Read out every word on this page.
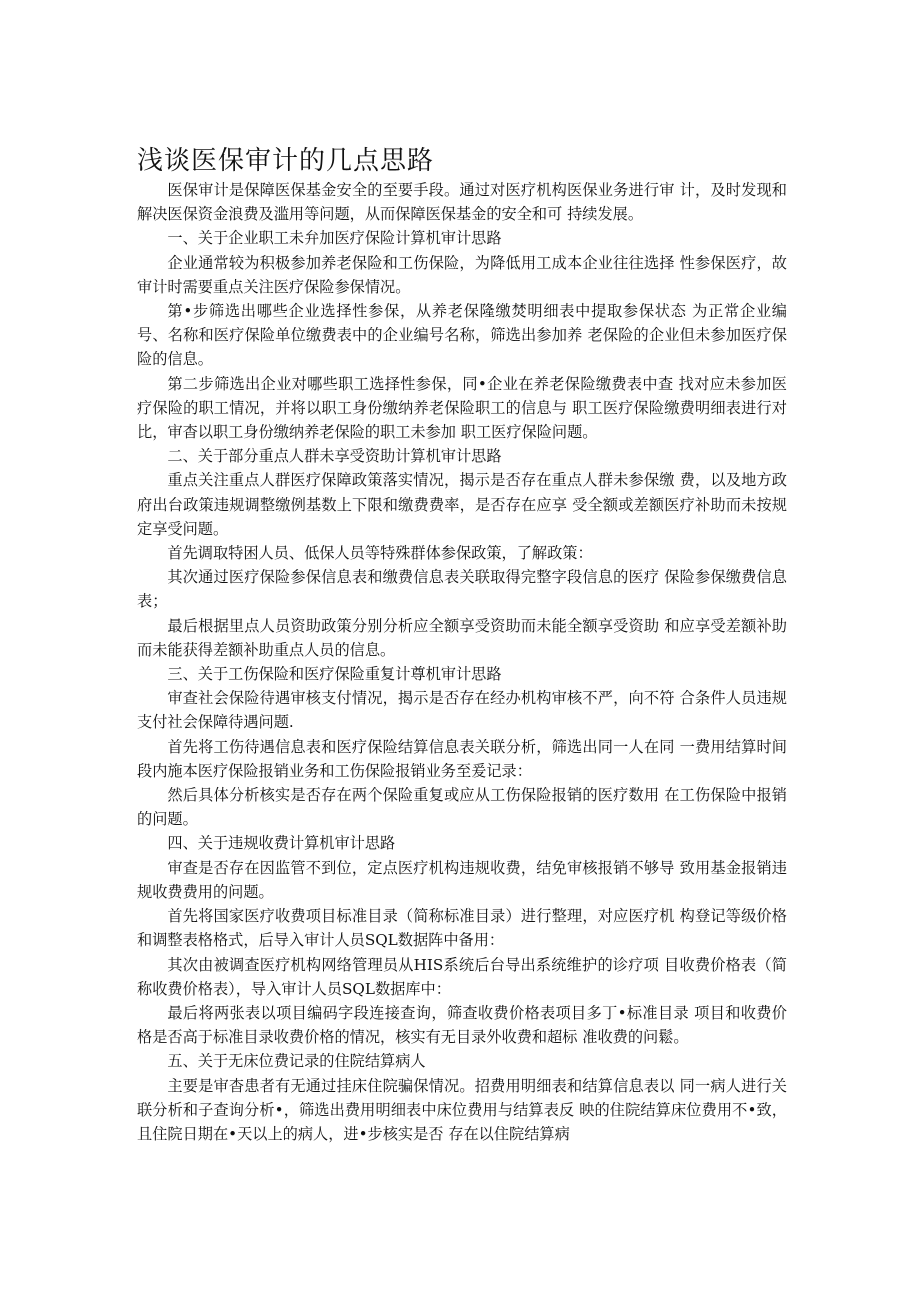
浅谈医保审计的几点思路

医保审计是保障医保基金安全的至要手段。通过对医疗机构医保业务进行审 计，及时发现和解决医保资金浪费及滥用等问题，从而保障医保基金的安全和可 持续发展。

一、关于企业职工未弁加医疗保险计算机审计思路

企业通常较为积极参加养老保险和工伤保险，为降低用工成本企业往往选择 性参保医疗，故审计时需要重点关注医疗保险参保情况。

第•步筛选出哪些企业选择性参保，从养老保隆缴焚明细表中提取参保状态 为正常企业编号、名称和医疗保险单位缴费表中的企业编号名称，筛选出参加养 老保险的企业但未参加医疗保险的信息。

第二步筛选出企业对哪些职工选择性参保，同•企业在养老保险缴费表中查 找对应未参加医疗保险的职工情况，并将以职工身份缴纳养老保险职工的信息与 职工医疗保险缴费明细表进行对比，审杳以职工身份缴纳养老保险的职工未参加 职工医疗保险问题。

二、关于部分重点人群未享受资助计算机审计思路

重点关注重点人群医疗保障政策落实情况，揭示是否存在重点人群未参保缴 费，以及地方政府出台政策违规调整缴例基数上下限和缴费费率，是否存在应享 受全额或差额医疗补助而未按规定享受问题。

首先调取特困人员、低保人员等特殊群体参保政策，了解政策：

其次通过医疗保险参保信息表和缴费信息表关联取得完整字段信息的医疗 保险参保缴费信息表；

最后根据里点人员资助政策分别分析应全额享受资助而未能全额享受资助 和应享受差额补助而未能获得差额补助重点人员的信息。

三、关于工伤保险和医疗保险重复计尊机审计思路

审查社会保险待遇审核支付情况，揭示是否存在经办机构审核不严，向不符 合条件人员违规支付社会保障待遇问题.

首先将工伤待遇信息表和医疗保险结算信息表关联分析，筛选出同一人在同 一费用结算时间段内施本医疗保险报销业务和工伤保险报销业务至爰记录：

然后具体分析核实是否存在两个保险重复或应从工伤保险报销的医疗数用 在工伤保险中报销的问题。

四、关于违规收费计算机审计思路

审查是否存在因监管不到位，定点医疗机构违规收费，结免审核报销不够导 致用基金报销违规收费费用的问题。

首先将国家医疗收费项目标准目录（简称标准目录）进行整理，对应医疗机 构登记等级价格和调整表格格式，后导入审计人员SQL数据阵中备用：

其次由被调查医疗机构网络管理员从HIS系统后台导出系统维护的诊疗项 目收费价格表（简称收费价格表），导入审计人员SQL数据库中：

最后将两张表以项目编码字段连接查询，筛查收费价格表项目多丁•标准目录 项目和收费价格是否高于标准目录收费价格的情况，核实有无目录外收费和超标 准收费的问鬆。

五、关于无床位费记录的住院结算病人

主要是审杳患者有无通过挂床住院骗保情况。招费用明细表和结算信息表以 同一病人进行关联分析和子查询分析•，筛选出费用明细表中床位费用与结算表反 映的住院结算床位费用不•致，且住院日期在•天以上的病人，进•步核实是否 存在以住院结算病
